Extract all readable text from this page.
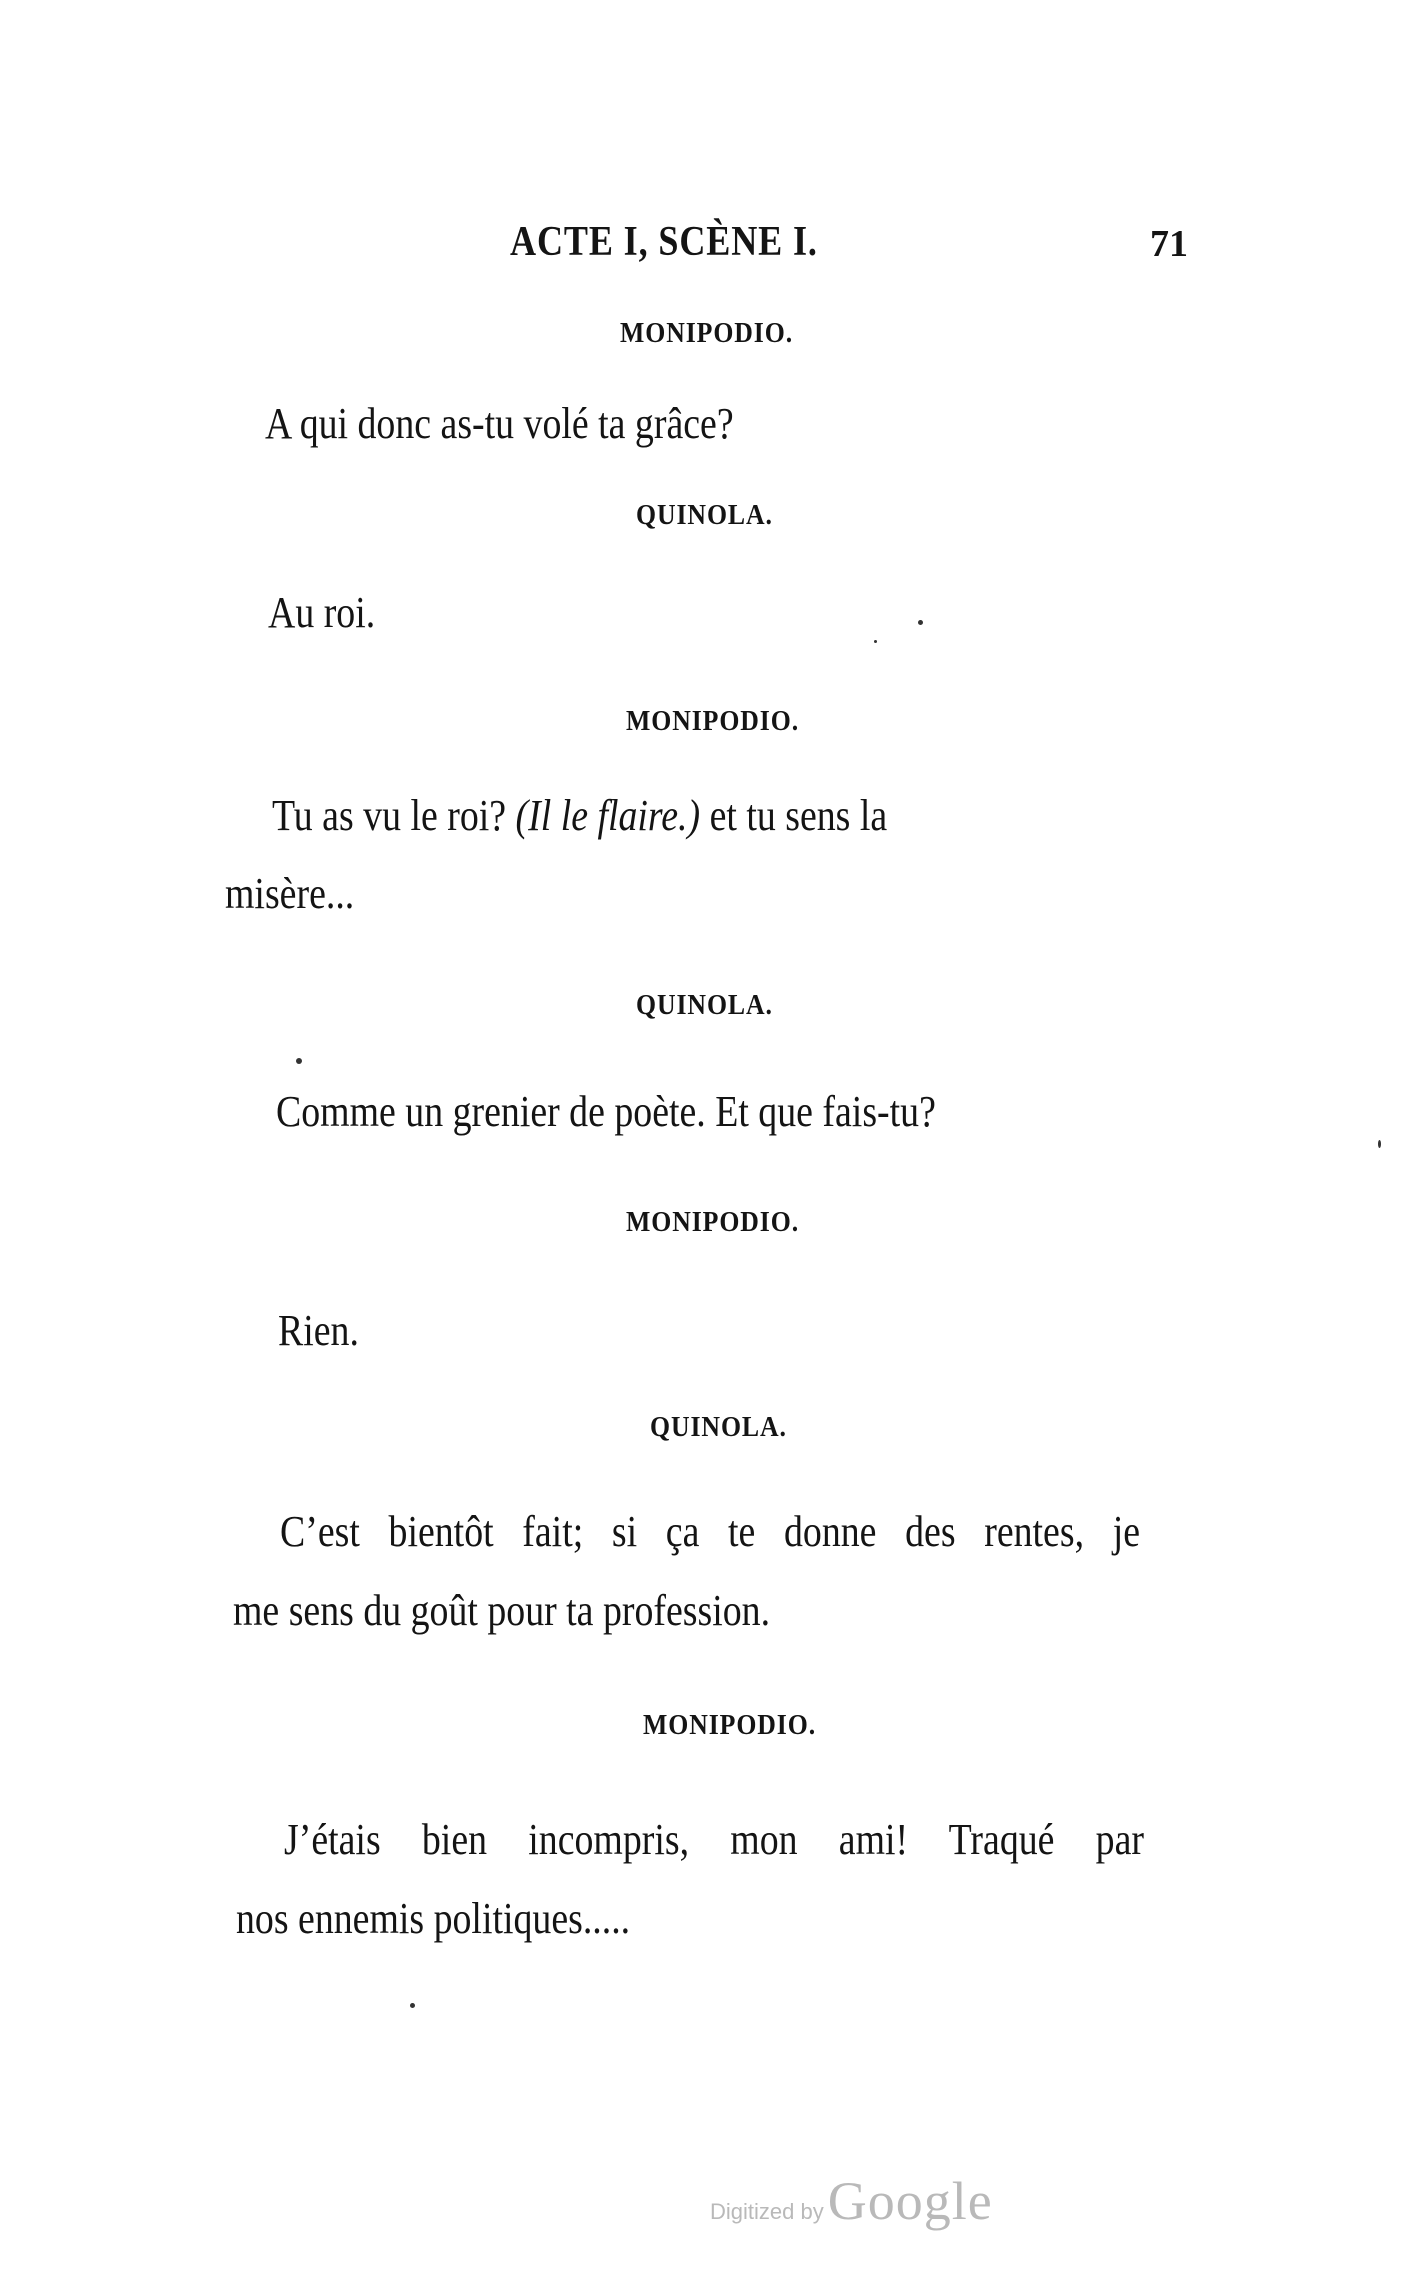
ACTE I, SCÈNE I.	71
MONIPODIO.
A qui donc as-tu volé ta grâce?
QUINOLA.
Au roi.
MONIPODIO.
Tu as vu le roi? (Il le flaire.) et tu sens la
misère...
QUINOLA.
Comme un grenier de poète. Et que fais-tu?
MONIPODIO.
Rien.
QUINOLA.
C’est bientôt fait; si ça te donne des rentes, je
me sens du goût pour ta profession.
MONIPODIO.
J’étais bien incompris, mon ami! Traqué par
nos ennemis politiques.....
Digitized by Google
